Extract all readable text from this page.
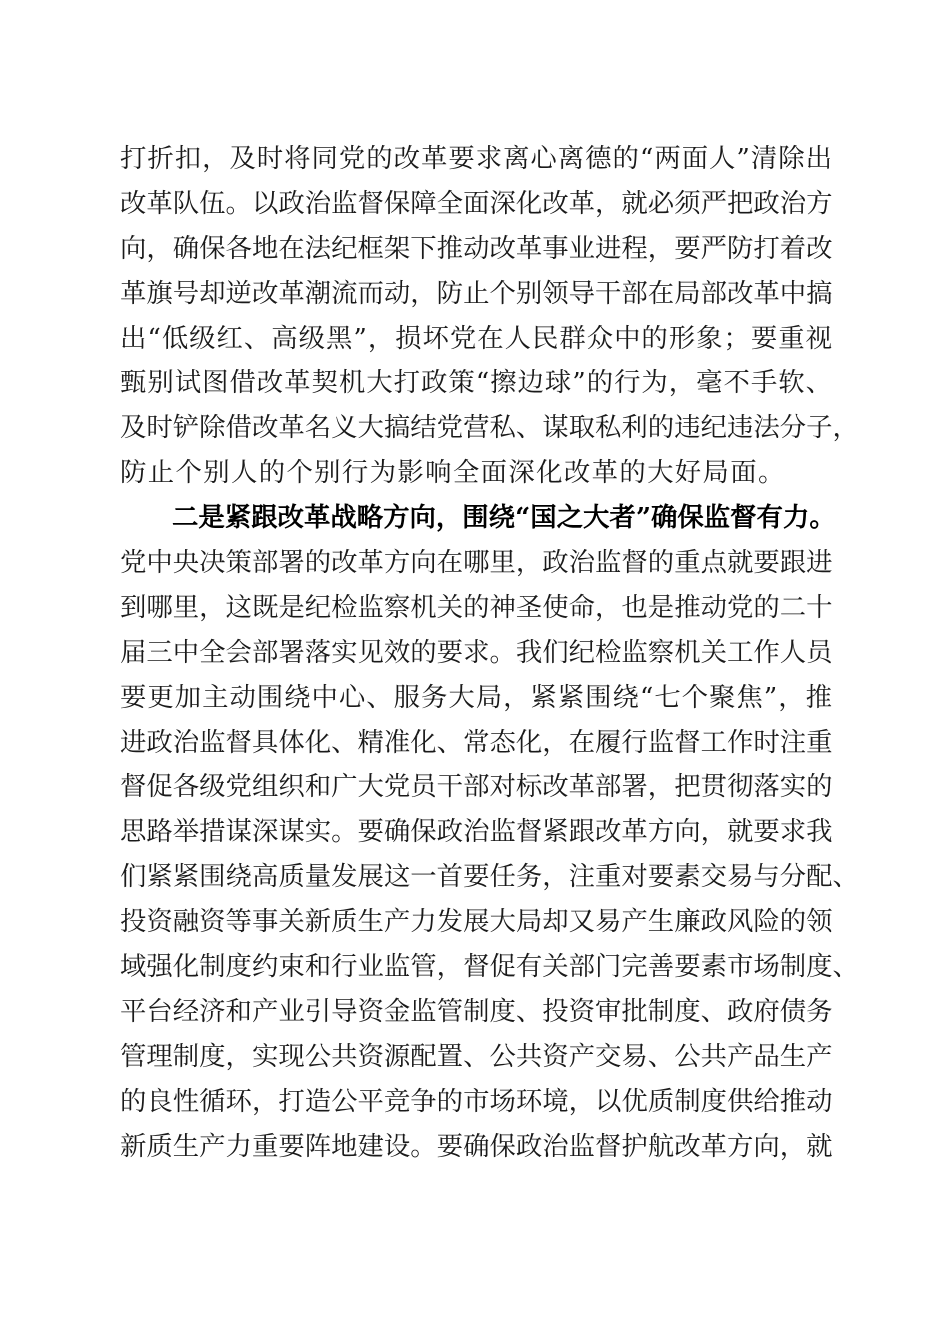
打折扣，及时将同党的改革要求离心离德的“两面人”清除出

改革队伍。以政治监督保障全面深化改革，就必须严把政治方

向，确保各地在法纪框架下推动改革事业进程，要严防打着改

革旗号却逆改革潮流而动，防止个别领导干部在局部改革中搞

出“低级红、高级黑”，损坏党在人民群众中的形象；要重视

甄别试图借改革契机大打政策“擦边球”的行为，毫不手软、

及时铲除借改革名义大搞结党营私、谋取私利的违纪违法分子，

防止个别人的个别行为影响全面深化改革的大好局面。

二是紧跟改革战略方向，围绕“国之大者”确保监督有力。

党中央决策部署的改革方向在哪里，政治监督的重点就要跟进

到哪里，这既是纪检监察机关的神圣使命，也是推动党的二十

届三中全会部署落实见效的要求。我们纪检监察机关工作人员

要更加主动围绕中心、服务大局，紧紧围绕“七个聚焦”，推

进政治监督具体化、精准化、常态化，在履行监督工作时注重

督促各级党组织和广大党员干部对标改革部署，把贯彻落实的

思路举措谋深谋实。要确保政治监督紧跟改革方向，就要求我

们紧紧围绕高质量发展这一首要任务，注重对要素交易与分配、

投资融资等事关新质生产力发展大局却又易产生廉政风险的领

域强化制度约束和行业监管，督促有关部门完善要素市场制度、

平台经济和产业引导资金监管制度、投资审批制度、政府债务

管理制度，实现公共资源配置、公共资产交易、公共产品生产

的良性循环，打造公平竞争的市场环境，以优质制度供给推动

新质生产力重要阵地建设。要确保政治监督护航改革方向，就
